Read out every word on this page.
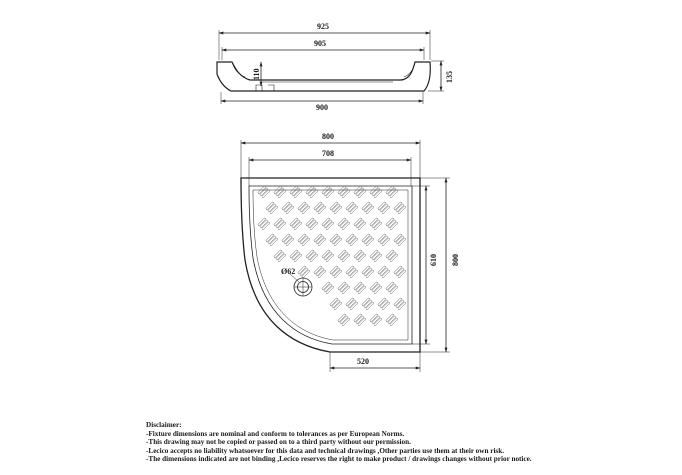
925
905
900
110	135
800
708
610 800
520
Ø62
Disclaimer:
-Fixture dimensions are nominal and conform to tolerances as per European Norms.
-This drawing may not be copied or passed on to a third party without our permission.
-Lecico accepts no liability whatsoever for this data and technical drawings ,Other parties use them at their own risk.
-The dimensions indicated are not binding ,Lecico reserves the right to make product / drawings changes without prior notice.
